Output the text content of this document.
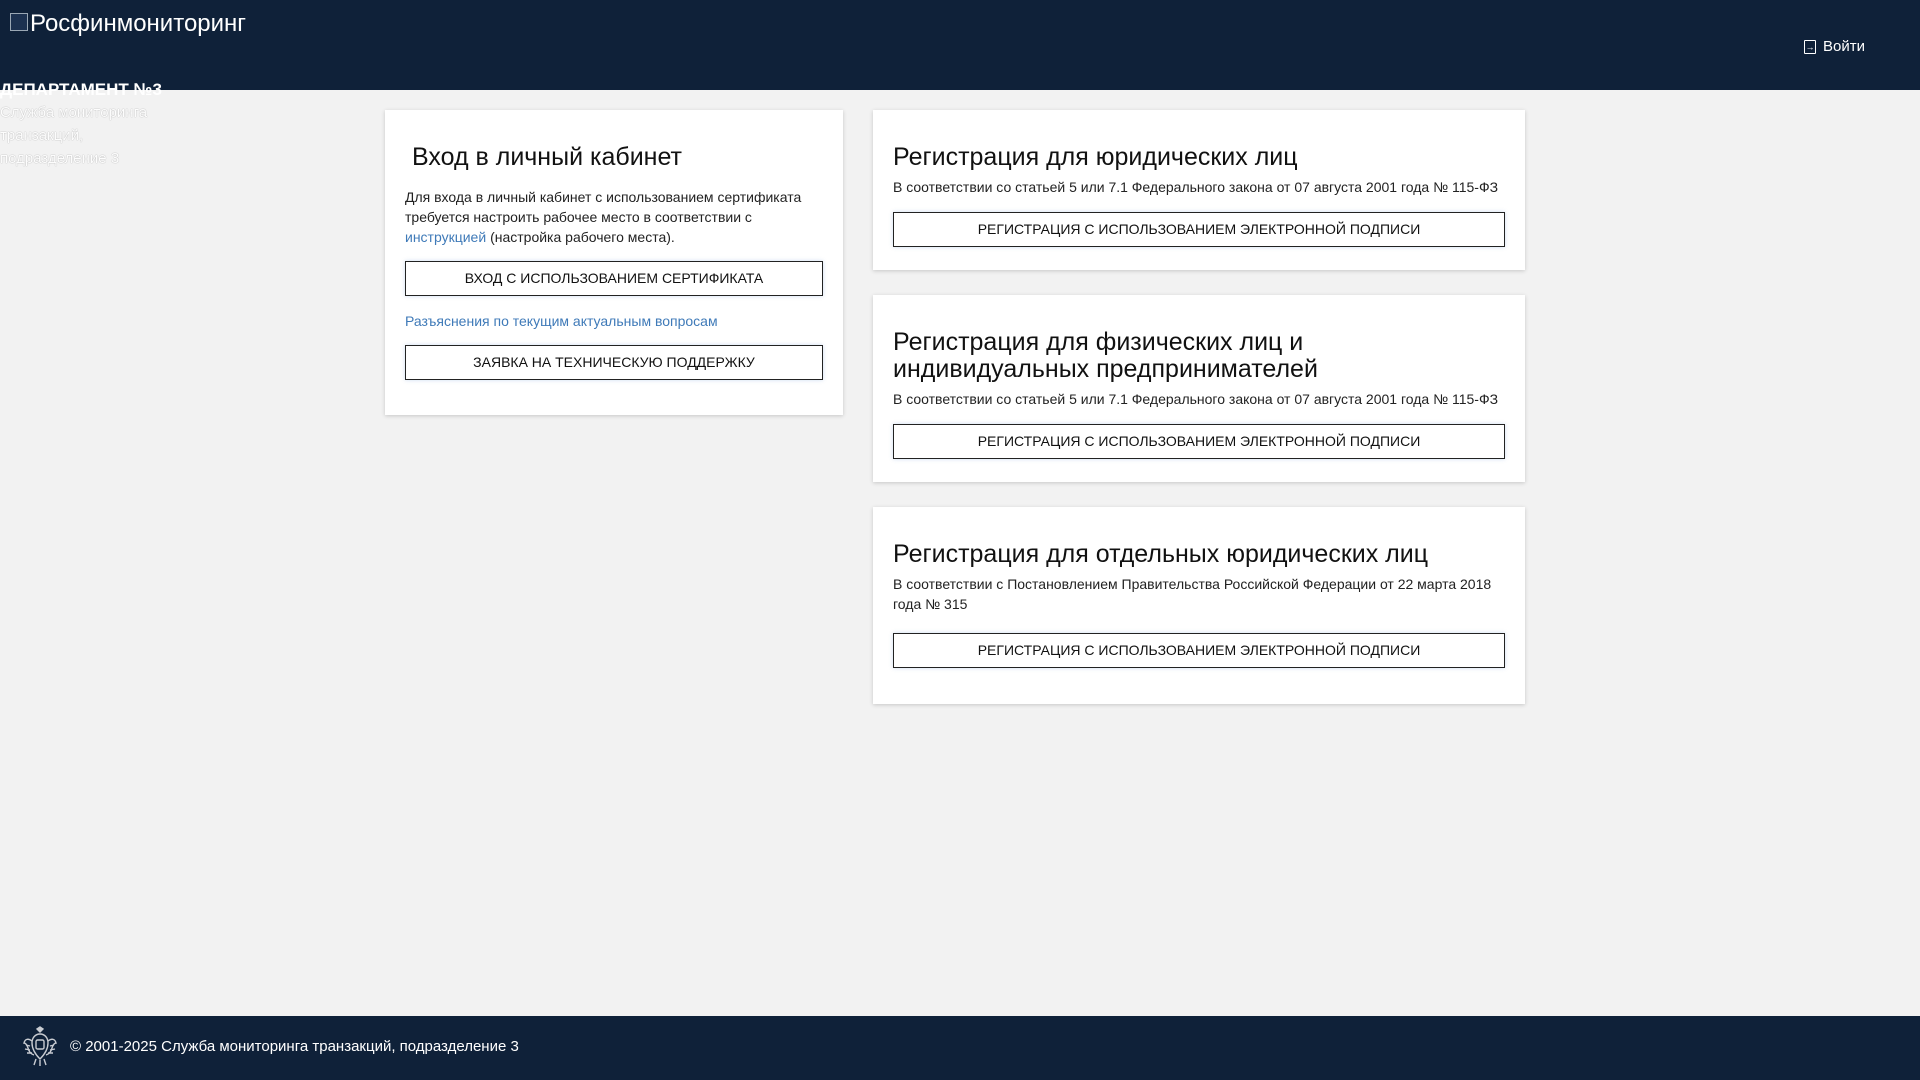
Росфинмониторинг
→ Войти
ДЕПАРТАМЕНТ №3
Служба мониторинга транзакций,
подразделение 3	Вход в личный кабинет

Для входа в личный кабинет с использованием сертификата требуется настроить рабочее место в соответствии с инструкцией (настройка рабочего места).

ВХОД С ИСПОЛЬЗОВАНИЕМ СЕРТИФИКАТА

Разъяснения по текущим актуальным вопросам

ЗАЯВКА НА ТЕХНИЧЕСКУЮ ПОДДЕРЖКУ
Регистрация для юридических лиц

В соответствии со статьей 5 или 7.1 Федерального закона от 07 августа 2001 года № 115-ФЗ

РЕГИСТРАЦИЯ С ИСПОЛЬЗОВАНИЕМ ЭЛЕКТРОННОЙ ПОДПИСИ
Регистрация для физических лиц и индивидуальных предпринимателей

В соответствии со статьей 5 или 7.1 Федерального закона от 07 августа 2001 года № 115-ФЗ

РЕГИСТРАЦИЯ С ИСПОЛЬЗОВАНИЕМ ЭЛЕКТРОННОЙ ПОДПИСИ
Регистрация для отдельных юридических лиц

В соответствии с Постановлением Правительства Российской Федерации от 22 марта 2018 года № 315

РЕГИСТРАЦИЯ С ИСПОЛЬЗОВАНИЕМ ЭЛЕКТРОННОЙ ПОДПИСИ
© 2001-2025 Служба мониторинга транзакций, подразделение 3
